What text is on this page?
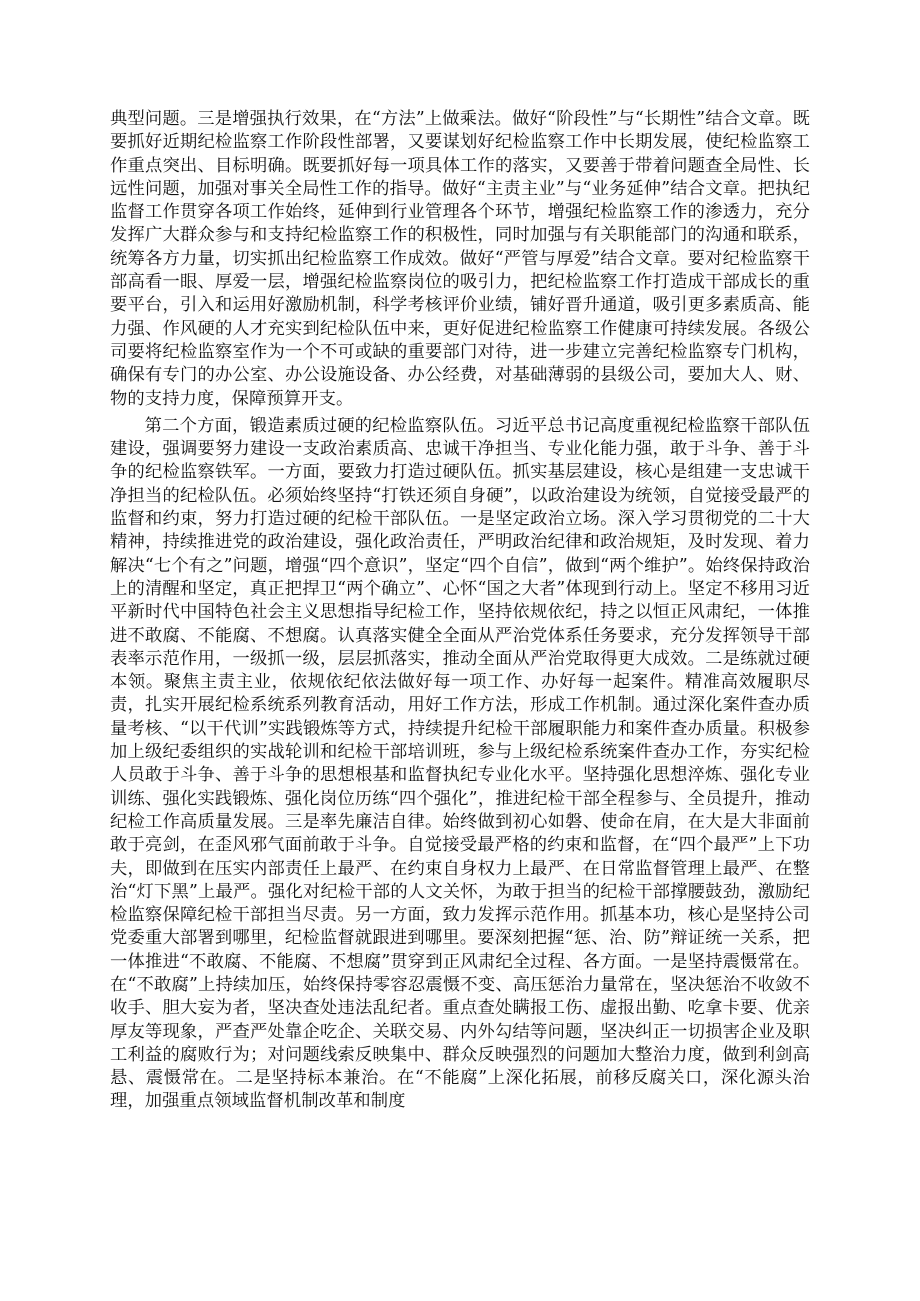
典型问题。三是增强执行效果，在“方法”上做乘法。做好“阶段性”与“长期性”结合文章。既要抓好近期纪检监察工作阶段性部署，又要谋划好纪检监察工作中长期发展，使纪检监察工作重点突出、目标明确。既要抓好每一项具体工作的落实，又要善于带着问题查全局性、长远性问题，加强对事关全局性工作的指导。做好“主责主业”与“业务延伸”结合文章。把执纪监督工作贯穿各项工作始终，延伸到行业管理各个环节，增强纪检监察工作的渗透力，充分发挥广大群众参与和支持纪检监察工作的积极性，同时加强与有关职能部门的沟通和联系，统筹各方力量，切实抓出纪检监察工作成效。做好“严管与厚爱”结合文章。要对纪检监察干部高看一眼、厚爱一层，增强纪检监察岗位的吸引力，把纪检监察工作打造成干部成长的重要平台，引入和运用好激励机制，科学考核评价业绩，铺好晋升通道，吸引更多素质高、能力强、作风硬的人才充实到纪检队伍中来，更好促进纪检监察工作健康可持续发展。各级公司要将纪检监察室作为一个不可或缺的重要部门对待，进一步建立完善纪检监察专门机构，确保有专门的办公室、办公设施设备、办公经费，对基础薄弱的县级公司，要加大人、财、物的支持力度，保障预算开支。

第二个方面，锻造素质过硬的纪检监察队伍。习近平总书记高度重视纪检监察干部队伍建设，强调要努力建设一支政治素质高、忠诚干净担当、专业化能力强，敢于斗争、善于斗争的纪检监察铁军。一方面，要致力打造过硬队伍。抓实基层建设，核心是组建一支忠诚干净担当的纪检队伍。必须始终坚持“打铁还须自身硬”，以政治建设为统领，自觉接受最严的监督和约束，努力打造过硬的纪检干部队伍。一是坚定政治立场。深入学习贯彻党的二十大精神，持续推进党的政治建设，强化政治责任，严明政治纪律和政治规矩，及时发现、着力解决“七个有之”问题，增强“四个意识”，坚定“四个自信”，做到“两个维护”。始终保持政治上的清醒和坚定，真正把捍卫“两个确立”、心怀“国之大者”体现到行动上。坚定不移用习近平新时代中国特色社会主义思想指导纪检工作，坚持依规依纪，持之以恒正风肃纪，一体推进不敢腐、不能腐、不想腐。认真落实健全全面从严治党体系任务要求，充分发挥领导干部表率示范作用，一级抓一级，层层抓落实，推动全面从严治党取得更大成效。二是练就过硬本领。聚焦主责主业，依规依纪依法做好每一项工作、办好每一起案件。精准高效履职尽责，扎实开展纪检系统系列教育活动，用好工作方法，形成工作机制。通过深化案件查办质量考核、“以干代训”实践锻炼等方式，持续提升纪检干部履职能力和案件查办质量。积极参加上级纪委组织的实战轮训和纪检干部培训班，参与上级纪检系统案件查办工作，夯实纪检人员敢于斗争、善于斗争的思想根基和监督执纪专业化水平。坚持强化思想淬炼、强化专业训练、强化实践锻炼、强化岗位历练“四个强化”，推进纪检干部全程参与、全员提升，推动纪检工作高质量发展。三是率先廉洁自律。始终做到初心如磐、使命在肩，在大是大非面前敢于亮剑，在歪风邪气面前敢于斗争。自觉接受最严格的约束和监督，在“四个最严”上下功夫，即做到在压实内部责任上最严、在约束自身权力上最严、在日常监督管理上最严、在整治“灯下黑”上最严。强化对纪检干部的人文关怀，为敢于担当的纪检干部撑腰鼓劲，激励纪检监察保障纪检干部担当尽责。另一方面，致力发挥示范作用。抓基本功，核心是坚持公司党委重大部署到哪里，纪检监督就跟进到哪里。要深刻把握“惩、治、防”辩证统一关系，把一体推进“不敢腐、不能腐、不想腐”贯穿到正风肃纪全过程、各方面。一是坚持震慑常在。在“不敢腐”上持续加压，始终保持零容忍震慑不变、高压惩治力量常在，坚决惩治不收敛不收手、胆大妄为者，坚决查处违法乱纪者。重点查处瞒报工伤、虚报出勤、吃拿卡要、优亲厚友等现象，严查严处靠企吃企、关联交易、内外勾结等问题，坚决纠正一切损害企业及职工利益的腐败行为；对问题线索反映集中、群众反映强烈的问题加大整治力度，做到利剑高悬、震慑常在。二是坚持标本兼治。在“不能腐”上深化拓展，前移反腐关口，深化源头治理，加强重点领域监督机制改革和制度
